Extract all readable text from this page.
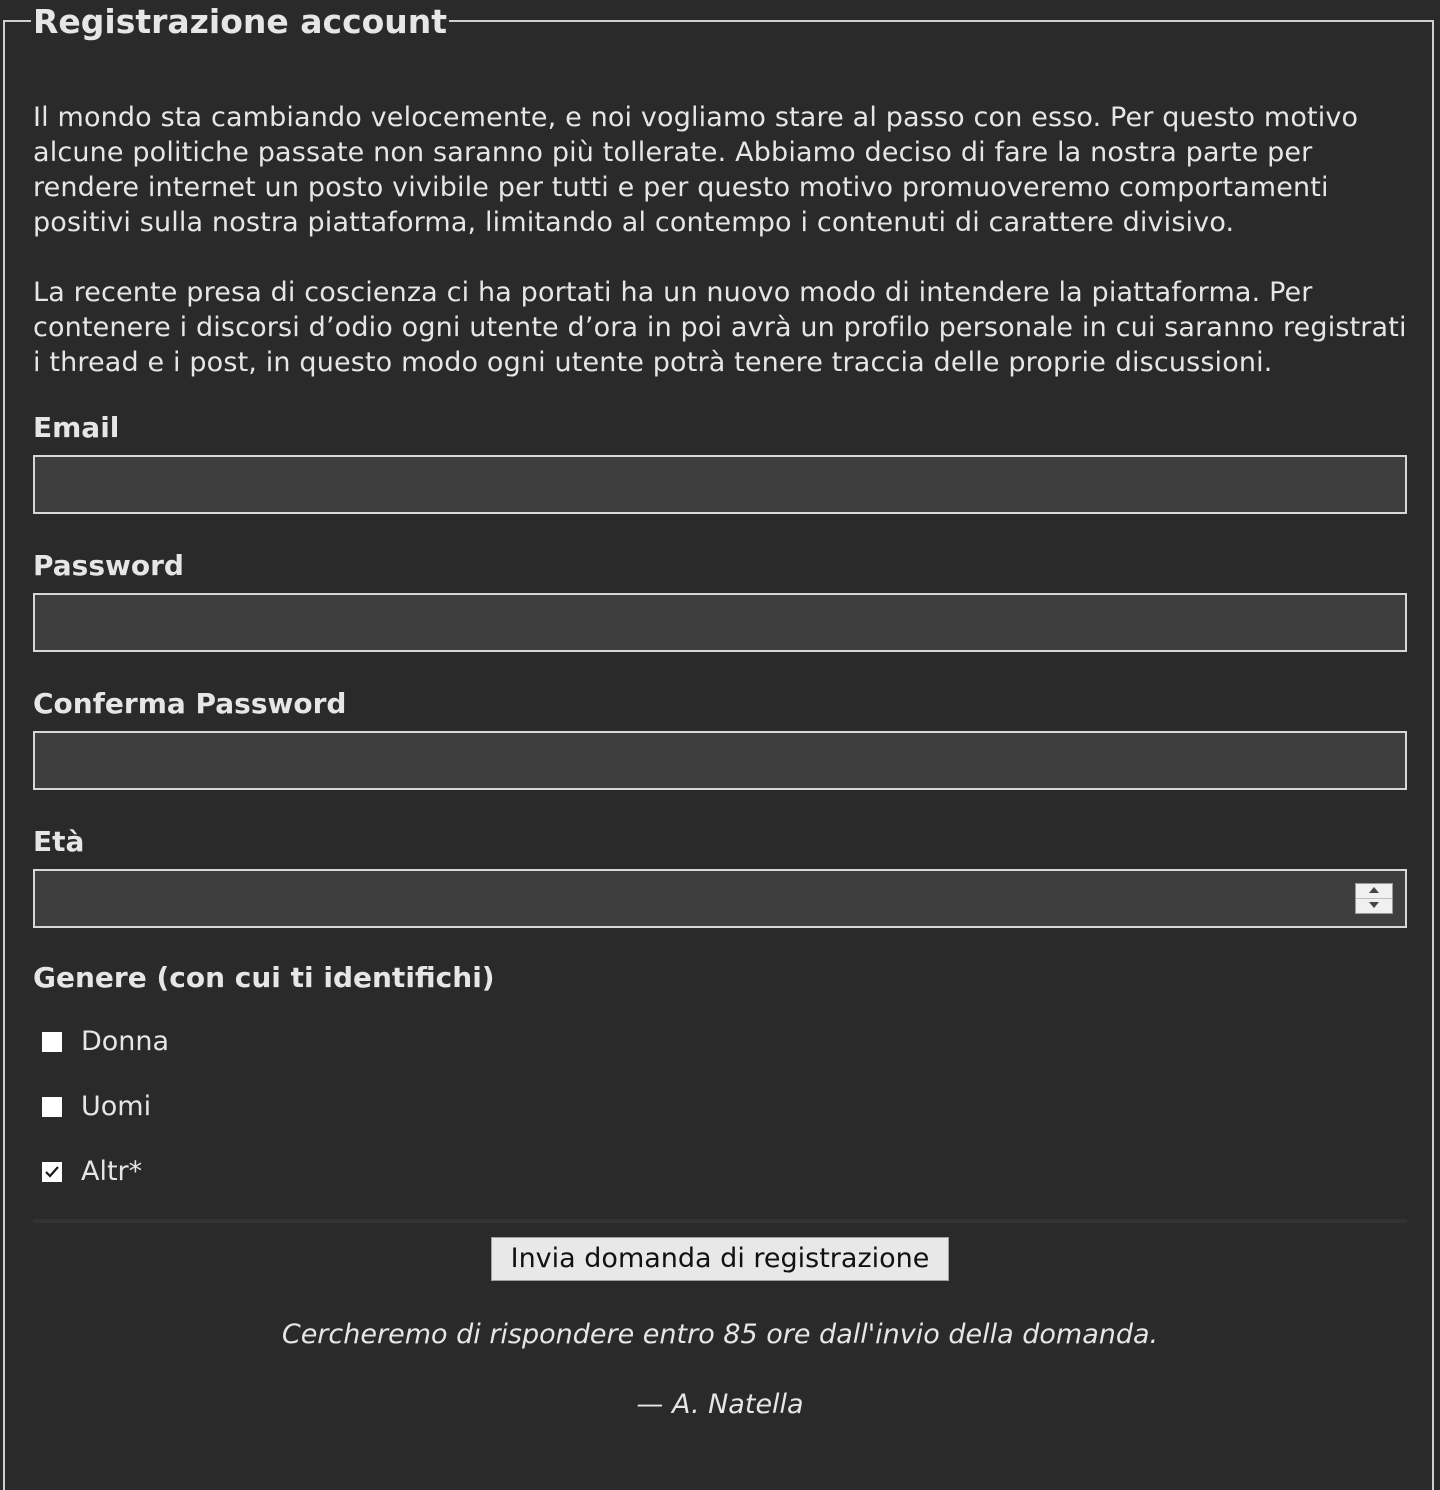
Registrazione account

Il mondo sta cambiando velocemente, e noi vogliamo stare al passo con esso. Per questo motivo alcune politiche passate non saranno più tollerate. Abbiamo deciso di fare la nostra parte per rendere internet un posto vivibile per tutti e per questo motivo promuoveremo comportamenti positivi sulla nostra piattaforma, limitando al contempo i contenuti di carattere divisivo.

La recente presa di coscienza ci ha portati ha un nuovo modo di intendere la piattaforma. Per contenere i discorsi d’odio ogni utente d’ora in poi avrà un profilo personale in cui saranno registrati i thread e i post, in questo modo ogni utente potrà tenere traccia delle proprie discussioni.

Email
Password
Conferma Password
Età
Genere (con cui ti identifichi)
Donna
Uomi
Altr*
Invia domanda di registrazione
Cercheremo di rispondere entro 85 ore dall'invio della domanda.
— A. Natella
